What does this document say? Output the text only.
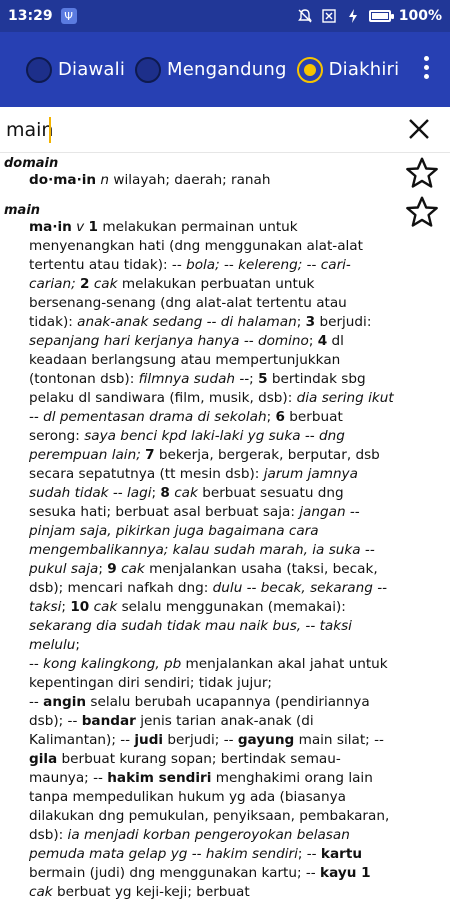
13:29	Ψ	100%
Diawali Mengandung Diakhiri
main
domain
do·ma·in n wilayah; daerah; ranah
main
ma·in v 1 melakukan permainan untuk menyenangkan hati (dng menggunakan alat-alat tertentu atau tidak): -- bola; -- kelereng; -- cari-carian; 2 cak melakukan perbuatan untuk bersenang-senang (dng alat-alat tertentu atau tidak): anak-anak sedang -- di halaman; 3 berjudi: sepanjang hari kerjanya hanya -- domino; 4 dl keadaan berlangsung atau mempertunjukkan (tontonan dsb): filmnya sudah --; 5 bertindak sbg pelaku dl sandiwara (film, musik, dsb): dia sering ikut -- dl pementasan drama di sekolah; 6 berbuat serong: saya benci kpd laki-laki yg suka -- dng perempuan lain; 7 bekerja, bergerak, berputar, dsb secara sepatutnya (tt mesin dsb): jarum jamnya sudah tidak -- lagi; 8 cak berbuat sesuatu dng sesuka hati; berbuat asal berbuat saja: jangan -- pinjam saja, pikirkan juga bagaimana cara mengembalikannya; kalau sudah marah, ia suka -- pukul saja; 9 cak menjalankan usaha (taksi, becak, dsb); mencari nafkah dng: dulu -- becak, sekarang -- taksi; 10 cak selalu menggunakan (memakai): sekarang dia sudah tidak mau naik bus, -- taksi melulu;
-- kong kalingkong, pb menjalankan akal jahat untuk kepentingan diri sendiri; tidak jujur;
-- angin selalu berubah ucapannya (pendiriannya dsb); -- bandar jenis tarian anak-anak (di Kalimantan); -- judi berjudi; -- gayung main silat; -- gila berbuat kurang sopan; bertindak semau-maunya; -- hakim sendiri menghakimi orang lain tanpa mempedulikan hukum yg ada (biasanya dilakukan dng pemukulan, penyiksaan, pembakaran, dsb): ia menjadi korban pengeroyokan belasan pemuda mata gelap yg -- hakim sendiri; -- kartu bermain (judi) dng menggunakan kartu; -- kayu 1 cak berbuat yg keji-keji; berbuat
